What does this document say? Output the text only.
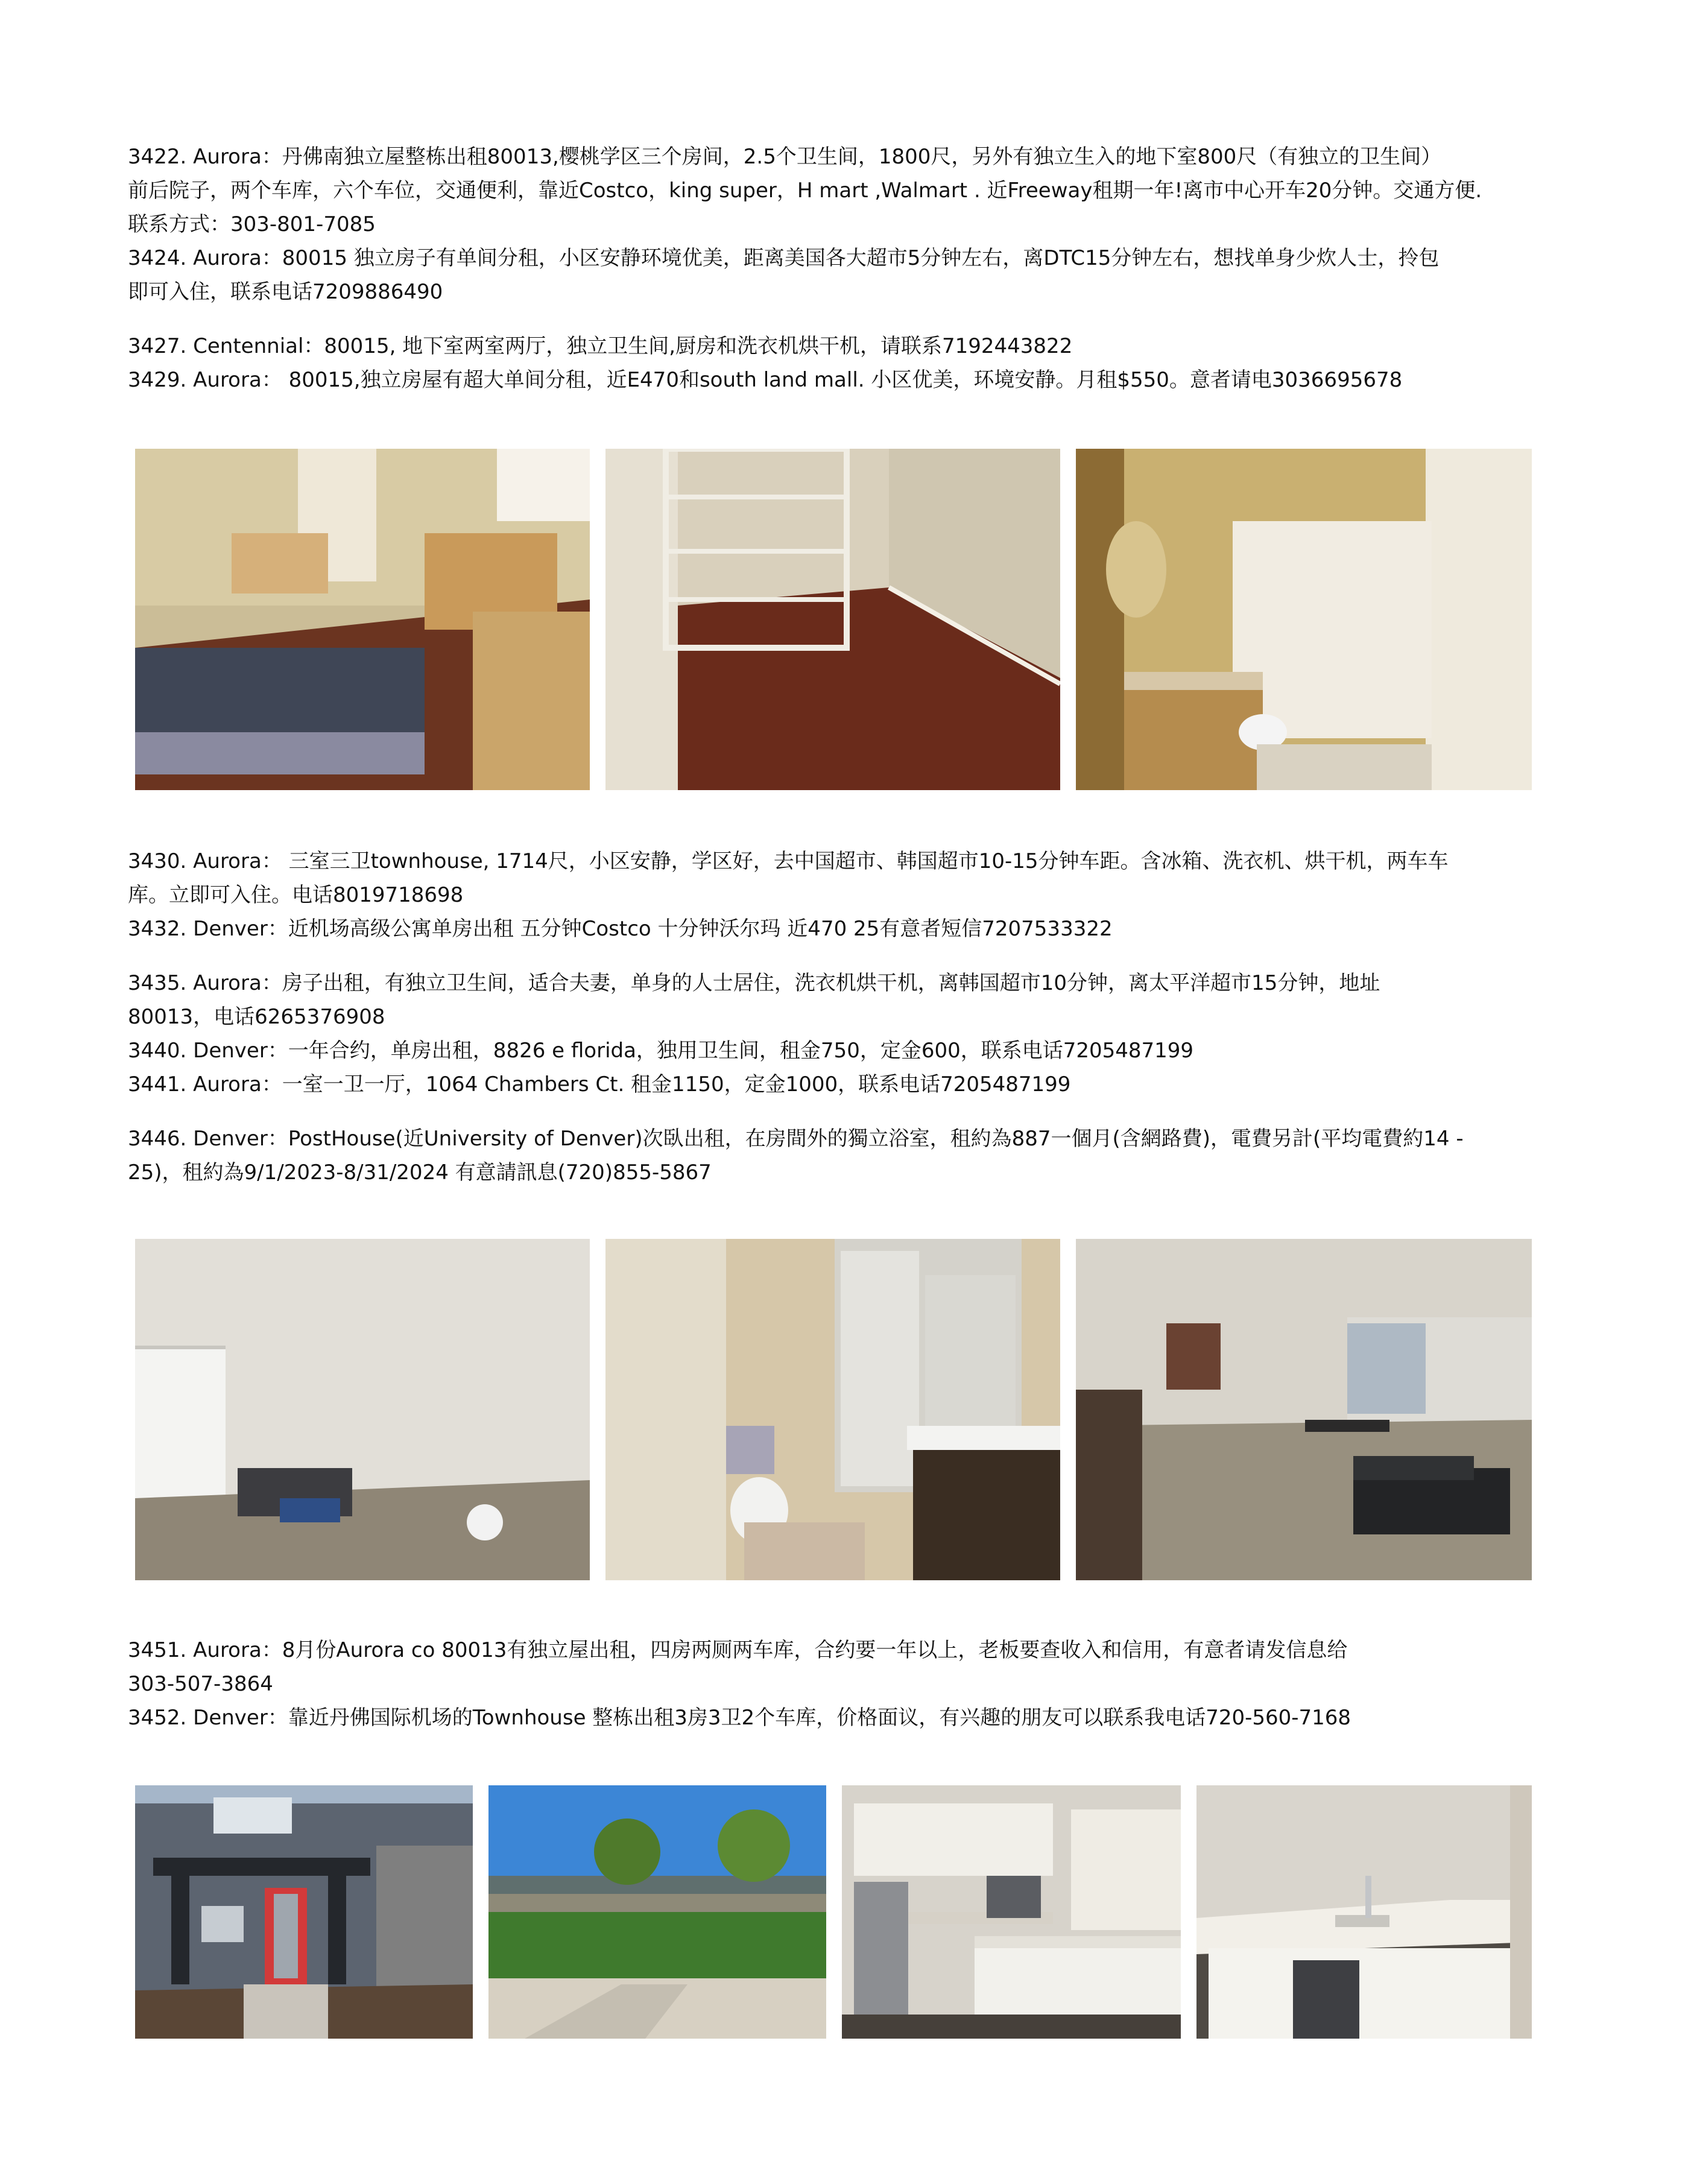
3422. Aurora：丹佛南独立屋整栋出租80013,樱桃学区三个房间，2.5个卫生间，1800尺，另外有独立生入的地下室800尺（有独立的卫生间）
前后院子，两个车库，六个车位，交通便利，靠近Costco，king super，H mart ,Walmart . 近Freeway租期一年!离市中心开车20分钟。交通方便.
联系方式：303-801-7085
3424. Aurora：80015 独立房子有单间分租，小区安静环境优美，距离美国各大超市5分钟左右，离DTC15分钟左右，想找单身少炊人士，拎包
即可入住，联系电话7209886490
3427. Centennial：80015, 地下室两室两厅，独立卫生间,厨房和洗衣机烘干机，请联系7192443822
3429. Aurora： 80015,独立房屋有超大单间分租，近E470和south land mall. 小区优美，环境安静。月租$550。意者请电3036695678
3430. Aurora： 三室三卫townhouse, 1714尺，小区安静，学区好，去中国超市、韩国超市10-15分钟车距。含冰箱、洗衣机、烘干机，两车车
库。立即可入住。电话8019718698
3432. Denver：近机场高级公寓单房出租 五分钟Costco 十分钟沃尔玛 近470 25有意者短信7207533322
3435. Aurora：房子出租，有独立卫生间，适合夫妻，单身的人士居住，洗衣机烘干机，离韩国超市10分钟，离太平洋超市15分钟，地址
80013，电话6265376908
3440. Denver：一年合约，单房出租，8826 e florida，独用卫生间，租金750，定金600，联系电话7205487199
3441. Aurora：一室一卫一厅，1064 Chambers Ct. 租金1150，定金1000，联系电话7205487199
3446. Denver：PostHouse(近University of Denver)次臥出租，在房間外的獨立浴室，租約為887一個月(含網路費)，電費另計(平均電費約14 -
25)，租約為9/1/2023-8/31/2024 有意請訊息(720)855-5867
3451. Aurora：8月份Aurora co 80013有独立屋出租，四房两厕两车库，合约要一年以上，老板要查收入和信用，有意者请发信息给
303-507-3864
3452. Denver：靠近丹佛国际机场的Townhouse 整栋出租3房3卫2个车库，价格面议，有兴趣的朋友可以联系我电话720-560-7168
